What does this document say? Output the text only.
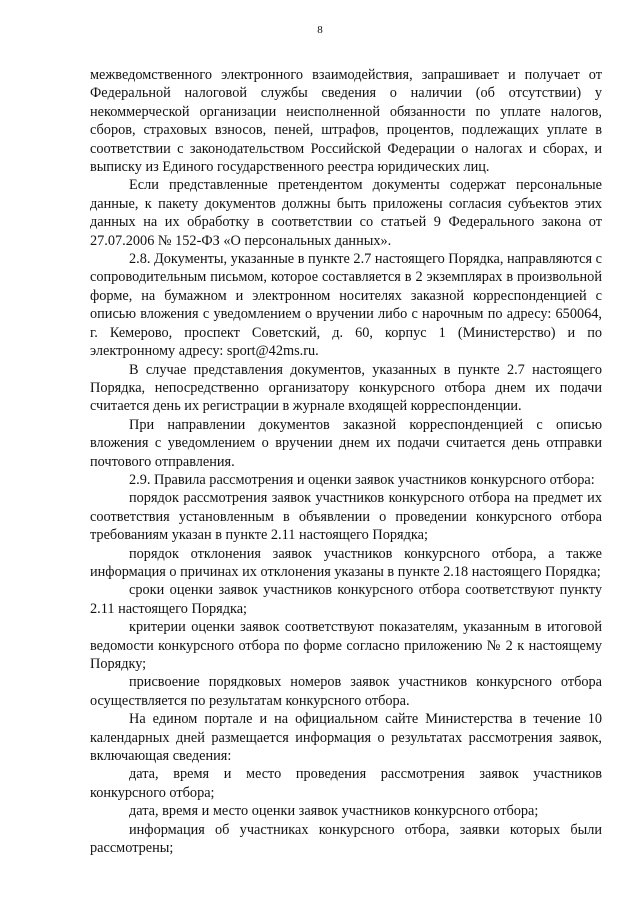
8

межведомственного электронного взаимодействия, запрашивает и получает от Федеральной налоговой службы сведения о наличии (об отсутствии) у некоммерческой организации неисполненной обязанности по уплате налогов, сборов, страховых взносов, пеней, штрафов, процентов, подлежащих уплате в соответствии с законодательством Российской Федерации о налогах и сборах, и выписку из Единого государственного реестра юридических лиц.

Если представленные претендентом документы содержат персональные данные, к пакету документов должны быть приложены согласия субъектов этих данных на их обработку в соответствии со статьей 9 Федерального закона от 27.07.2006 № 152-ФЗ «О персональных данных».

2.8. Документы, указанные в пункте 2.7 настоящего Порядка, направляются с сопроводительным письмом, которое составляется в 2 экземплярах в произвольной форме, на бумажном и электронном носителях заказной корреспонденцией с описью вложения с уведомлением о вручении либо с нарочным по адресу: 650064, г. Кемерово, проспект Советский, д. 60, корпус 1 (Министерство) и по электронному адресу: sport@42ms.ru.

В случае представления документов, указанных в пункте 2.7 настоящего Порядка, непосредственно организатору конкурсного отбора днем их подачи считается день их регистрации в журнале входящей корреспонденции.

При направлении документов заказной корреспонденцией с описью вложения с уведомлением о вручении днем их подачи считается день отправки почтового отправления.

2.9. Правила рассмотрения и оценки заявок участников конкурсного отбора:

порядок рассмотрения заявок участников конкурсного отбора на предмет их соответствия установленным в объявлении о проведении конкурсного отбора требованиям указан в пункте 2.11 настоящего Порядка;

порядок отклонения заявок участников конкурсного отбора, а также информация о причинах их отклонения указаны в пункте 2.18 настоящего Порядка;

сроки оценки заявок участников конкурсного отбора соответствуют пункту 2.11 настоящего Порядка;

критерии оценки заявок соответствуют показателям, указанным в итоговой ведомости конкурсного отбора по форме согласно приложению № 2 к настоящему Порядку;

присвоение порядковых номеров заявок участников конкурсного отбора осуществляется по результатам конкурсного отбора.

На едином портале и на официальном сайте Министерства в течение 10 календарных дней размещается информация о результатах рассмотрения заявок, включающая сведения:

дата, время и место проведения рассмотрения заявок участников конкурсного отбора;

дата, время и место оценки заявок участников конкурсного отбора;

информация об участниках конкурсного отбора, заявки которых были рассмотрены;
